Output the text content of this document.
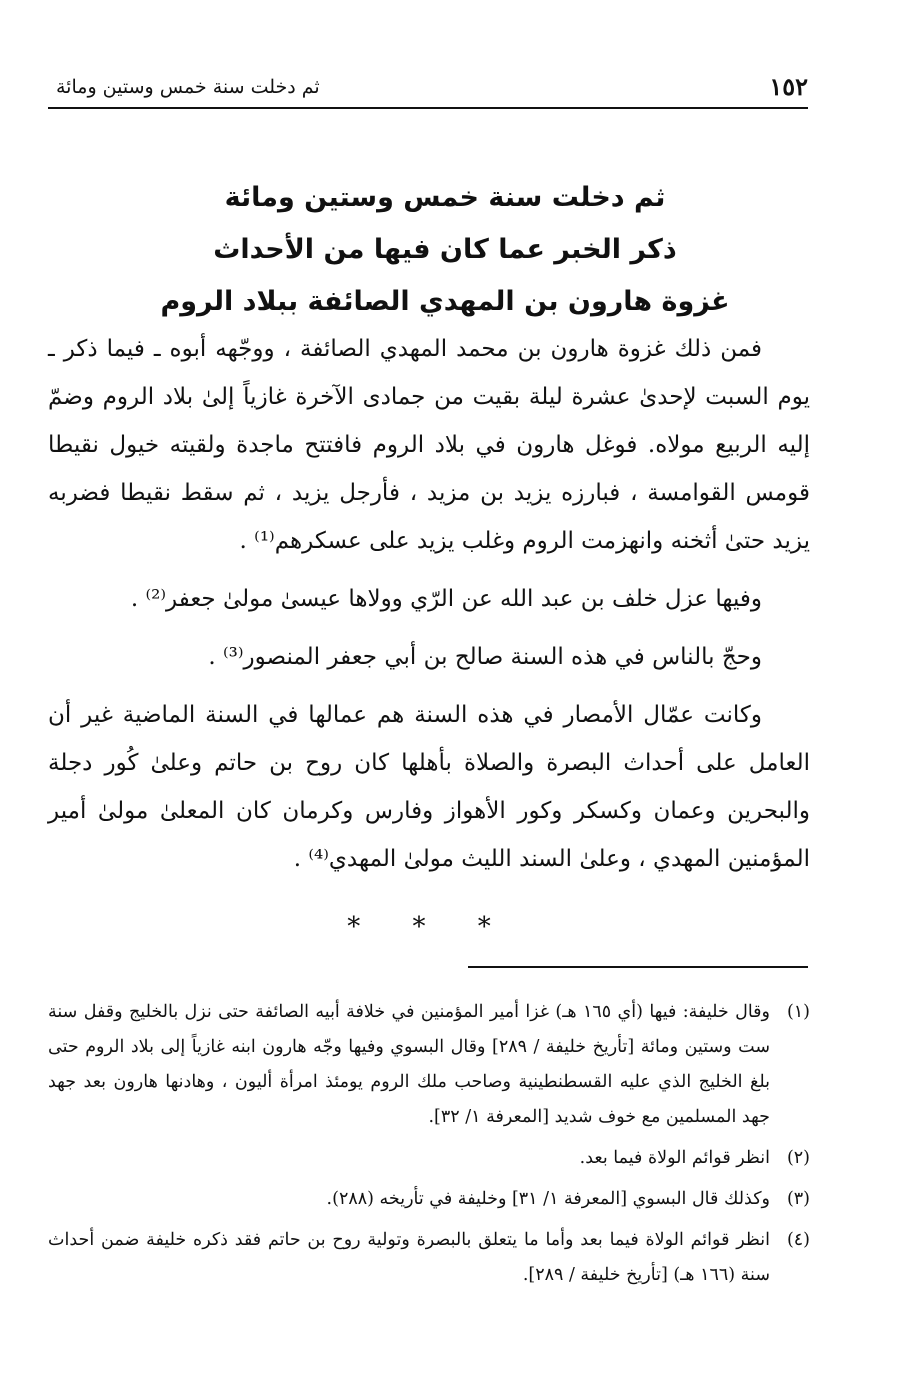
١٥٢
ثم دخلت سنة خمس وستين ومائة

ثم دخلت سنة خمس وستين ومائة

ذكر الخبر عما كان فيها من الأحداث

غزوة هارون بن المهدي الصائفة ببلاد الروم

فمن ذلك غزوة هارون بن محمد المهدي الصائفة ، ووجّهه أبوه ـ فيما ذكر ـ يوم السبت لإحدىٰ عشرة ليلة بقيت من جمادى الآخرة غازياً إلىٰ بلاد الروم وضمّ إليه الربيع مولاه. فوغل هارون في بلاد الروم فافتتح ماجدة ولقيته خيول نقيطا قومس القوامسة ، فبارزه يزيد بن مزيد ، فأرجل يزيد ، ثم سقط نقيطا فضربه يزيد حتىٰ أثخنه وانهزمت الروم وغلب يزيد على عسكرهم⁽¹⁾ .

وفيها عزل خلف بن عبد الله عن الرّي وولاها عيسىٰ مولىٰ جعفر⁽²⁾ .

وحجّ بالناس في هذه السنة صالح بن أبي جعفر المنصور⁽³⁾ .

وكانت عمّال الأمصار في هذه السنة هم عمالها في السنة الماضية غير أن العامل على أحداث البصرة والصلاة بأهلها كان روح بن حاتم وعلىٰ كُور دجلة والبحرين وعمان وكسكر وكور الأهواز وفارس وكرمان كان المعلىٰ مولىٰ أمير المؤمنين المهدي ، وعلىٰ السند الليث مولىٰ المهدي⁽⁴⁾ .

* * *
(١)
وقال خليفة: فيها (أي ١٦٥ هـ) غزا أمير المؤمنين في خلافة أبيه الصائفة حتى نزل بالخليج وقفل سنة ست وستين ومائة [تأريخ خليفة / ٢٨٩] وقال البسوي وفيها وجّه هارون ابنه غازياً إلى بلاد الروم حتى بلغ الخليج الذي عليه القسطنطينية وصاحب ملك الروم يومئذ امرأة أليون ، وهادنها هارون بعد جهد جهد المسلمين مع خوف شديد [المعرفة ١/ ٣٢].
(٢)
انظر قوائم الولاة فيما بعد.
(٣)
وكذلك قال البسوي [المعرفة ١/ ٣١] وخليفة في تأريخه (٢٨٨).
(٤)
انظر قوائم الولاة فيما بعد وأما ما يتعلق بالبصرة وتولية روح بن حاتم فقد ذكره خليفة ضمن أحداث سنة (١٦٦ هـ) [تأريخ خليفة / ٢٨٩].
